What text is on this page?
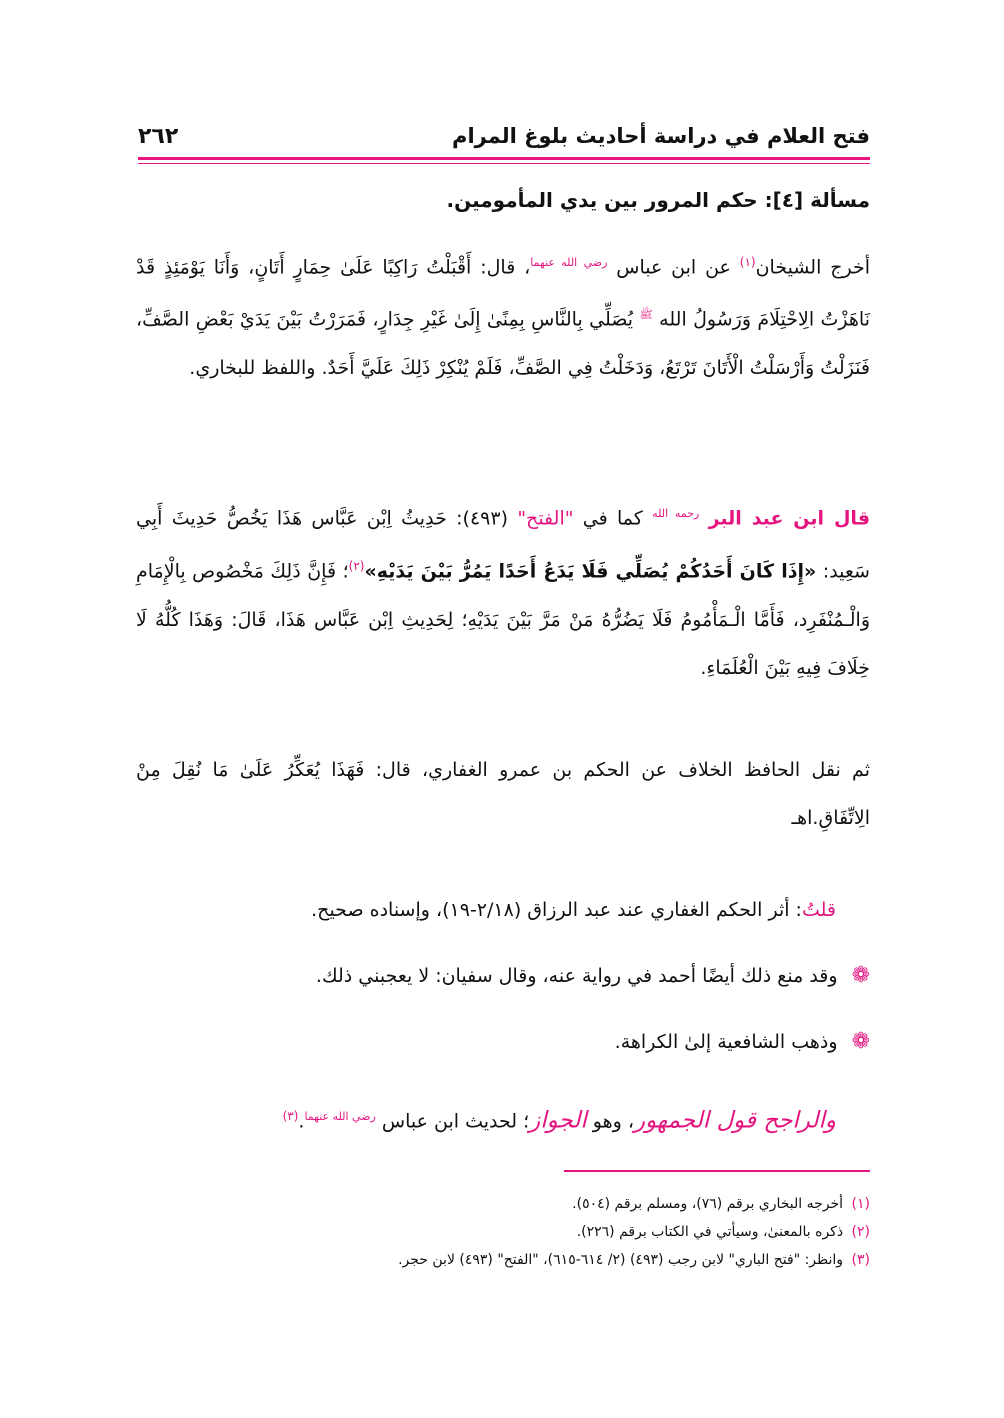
فتح العلام في دراسة أحاديث بلوغ المرام
٢٦٢
مسألة [٤]: حكم المرور بين يدي المأمومين.
أخرج الشيخان$^{(١)}$ عن ابن عباس $^{رضي الله عنهما}$، قال: أَقْبَلْتُ رَاكِبًا عَلَىٰ حِمَارٍ أَتَانٍ، وَأَنَا يَوْمَئِذٍ قَدْ نَاهَزْتُ الِاحْتِلَامَ وَرَسُولُ الله $^ﷺ$ يُصَلِّي بِالنَّاسِ بِمِنًىٰ إِلَىٰ غَيْرِ جِدَارٍ، فَمَرَرْتُ بَيْنَ يَدَيْ بَعْضِ الصَّفِّ، فَنَزَلْتُ وَأَرْسَلْتُ الْأَتَانَ تَرْتَعُ، وَدَخَلْتُ فِي الصَّفِّ، فَلَمْ يُنْكِرْ ذَلِكَ عَلَيَّ أَحَدٌ. واللفظ للبخاري.
قال ابن عبد البر $^{رحمه الله}$ كما في "الفتح" (٤٩٣): حَدِيثُ اِبْن عَبَّاس هَذَا يَخُصُّ حَدِيثَ أَبِي سَعِيد: «إِذَا كَانَ أَحَدُكُمْ يُصَلِّي فَلَا يَدَعُ أَحَدًا يَمُرُّ بَيْنَ يَدَيْهِ»$^{(٢)}$؛ فَإِنَّ ذَلِكَ مَخْصُوص بِالْإِمَامِ وَالْـمُنْفَرِد، فَأَمَّا الْـمَأْمُومُ فَلَا يَضُرُّهُ مَنْ مَرَّ بَيْنَ يَدَيْهِ؛ لِحَدِيثِ اِبْن عَبَّاس هَذَا، قَالَ: وَهَذَا كُلُّهُ لَا خِلَافَ فِيهِ بَيْنَ الْعُلَمَاءِ.
ثم نقل الحافظ الخلاف عن الحكم بن عمرو الغفاري، قال: فَهَذَا يُعَكِّرُ عَلَىٰ مَا نُقِلَ مِنْ الِاتِّفَاقِ.اهـ
قلتُ: أثر الحكم الغفاري عند عبد الرزاق (٢/١٨-١٩)، وإسناده صحيح.
❁
وقد منع ذلك أيضًا أحمد في رواية عنه، وقال سفيان: لا يعجبني ذلك.
❁
وذهب الشافعية إلىٰ الكراهة.
والراجح قول الجمهور، وهو الجواز؛ لحديث ابن عباس $^{رضي الله عنهما}$.$^{(٣)}$
(١) أخرجه البخاري برقم (٧٦)، ومسلم برقم (٥٠٤).
(٢) ذكره بالمعنىٰ، وسيأتي في الكتاب برقم (٢٢٦).
(٣) وانظر: "فتح الباري" لابن رجب (٤٩٣) (٢/ ٦١٤-٦١٥)، "الفتح" (٤٩٣) لابن حجر.
